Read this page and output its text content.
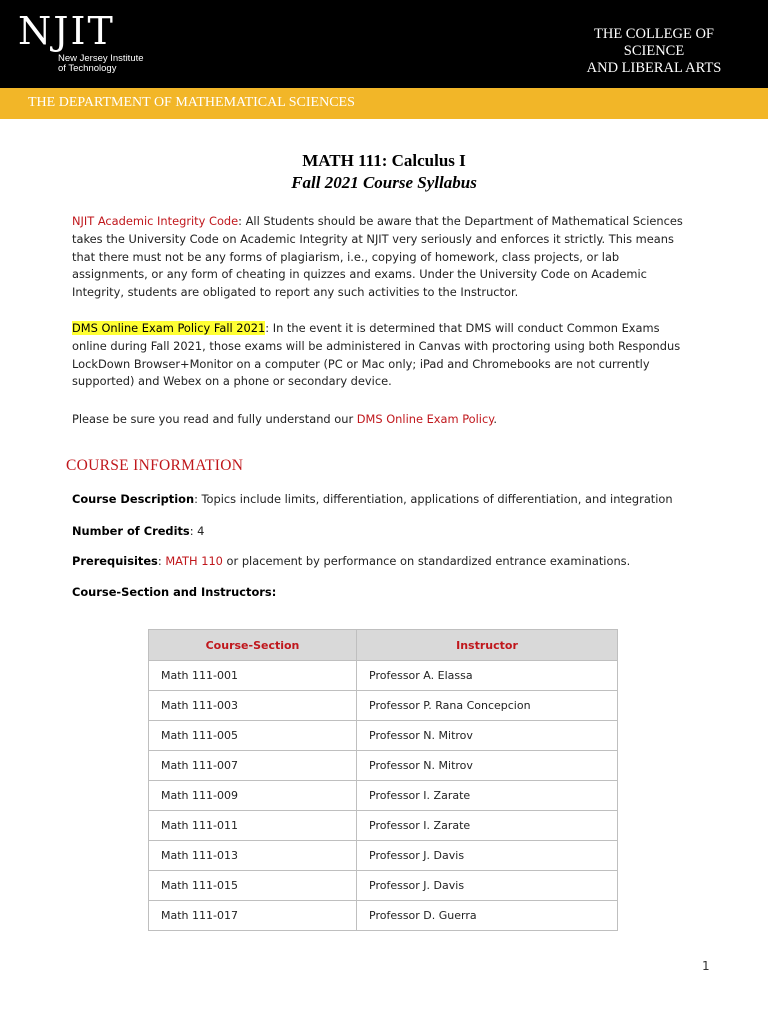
NJIT
New Jersey Institute
of Technology
THE COLLEGE OF SCIENCE
AND LIBERAL ARTS
THE DEPARTMENT OF MATHEMATICAL SCIENCES
MATH 111: Calculus I
Fall 2021 Course Syllabus
NJIT Academic Integrity Code: All Students should be aware that the Department of Mathematical Sciences takes the University Code on Academic Integrity at NJIT very seriously and enforces it strictly. This means that there must not be any forms of plagiarism, i.e., copying of homework, class projects, or lab assignments, or any form of cheating in quizzes and exams. Under the University Code on Academic Integrity, students are obligated to report any such activities to the Instructor.
DMS Online Exam Policy Fall 2021: In the event it is determined that DMS will conduct Common Exams online during Fall 2021, those exams will be administered in Canvas with proctoring using both Respondus LockDown Browser+Monitor on a computer (PC or Mac only; iPad and Chromebooks are not currently supported) and Webex on a phone or secondary device.
Please be sure you read and fully understand our DMS Online Exam Policy.
COURSE INFORMATION
Course Description: Topics include limits, differentiation, applications of differentiation, and integration
Number of Credits: 4
Prerequisites: MATH 110 or placement by performance on standardized entrance examinations.
Course-Section and Instructors:
Course-Section	Instructor
Math 111-001	Professor A. Elassa
Math 111-003	Professor P. Rana Concepcion
Math 111-005	Professor N. Mitrov
Math 111-007	Professor N. Mitrov
Math 111-009	Professor I. Zarate
Math 111-011	Professor I. Zarate
Math 111-013	Professor J. Davis
Math 111-015	Professor J. Davis
Math 111-017	Professor D. Guerra
1
